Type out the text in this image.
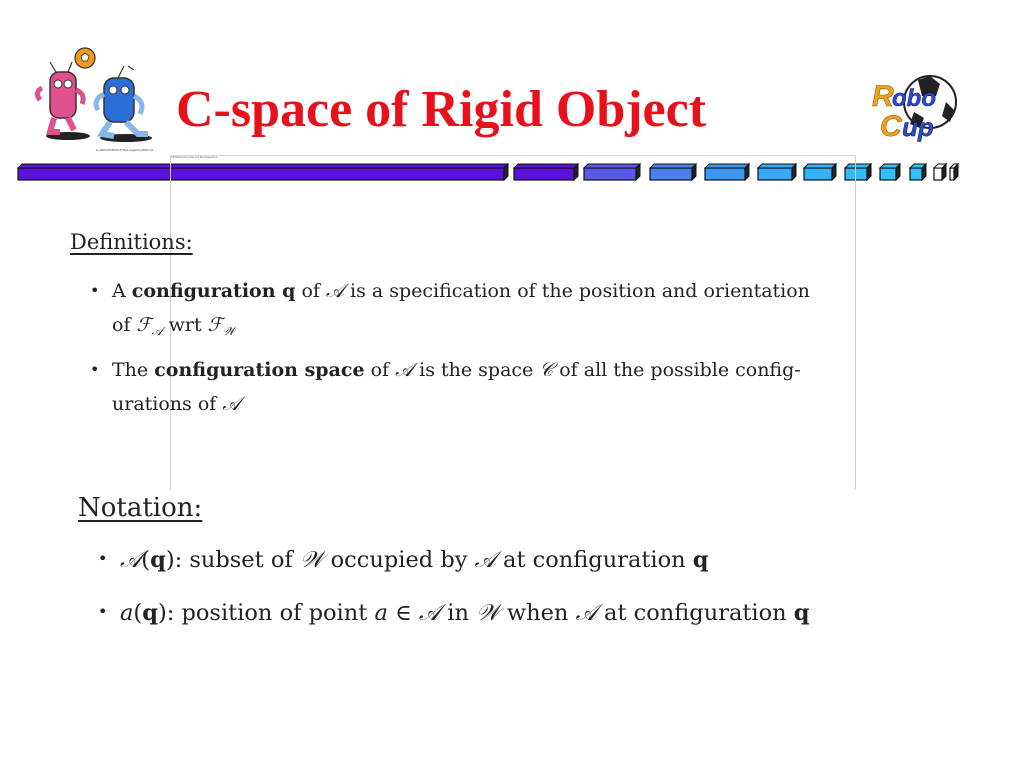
sc.2000,ROBOCUP,Bob,Asgarth,Q2007-01
C-space of Rigid Object	R
obo
C up
MOSAIC/Acrobat 2.0 file Magazine
Definitions:
• A configuration q of 𝒜 is a specification of the position and orientation
of ℱ$_𝒜$ wrt ℱ$_𝒲$
• The configuration space of 𝒜 is the space 𝒞 of all the possible config-
urations of 𝒜
Notation:
• 𝒜(q): subset of 𝒲 occupied by 𝒜 at configuration q
• a(q): position of point a ∈ 𝒜 in 𝒲 when 𝒜 at configuration q
